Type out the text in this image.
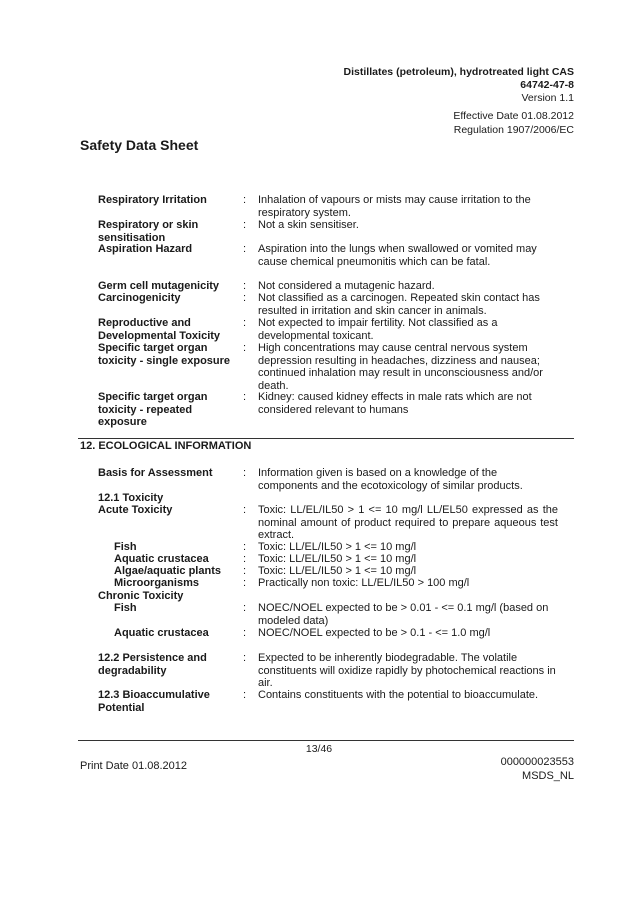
Distillates (petroleum), hydrotreated light CAS
64742-47-8
Version 1.1
Effective Date 01.08.2012
Regulation 1907/2006/EC
Safety Data Sheet
Respiratory Irritation	: Inhalation of vapours or mists may cause irritation to the respiratory system.
Respiratory or skin sensitisation
: Not a skin sensitiser.
Aspiration Hazard	: Aspiration into the lungs when swallowed or vomited may cause chemical pneumonitis which can be fatal.
Germ cell mutagenicity	: Not considered a mutagenic hazard.
Carcinogenicity	: Not classified as a carcinogen. Repeated skin contact has resulted in irritation and skin cancer in animals.
Reproductive and Developmental Toxicity
: Not expected to impair fertility. Not classified as a developmental toxicant.
Specific target organ toxicity - single exposure
: High concentrations may cause central nervous system depression resulting in headaches, dizziness and nausea; continued inhalation may result in unconsciousness and/or death.
Specific target organ toxicity - repeated exposure
: Kidney: caused kidney effects in male rats which are not considered relevant to humans
12. ECOLOGICAL INFORMATION
Basis for Assessment	: Information given is based on a knowledge of the components and the ecotoxicology of similar products.
12.1 Toxicity
Acute Toxicity	: Toxic: LL/EL/IL50 > 1 <= 10 mg/l LL/EL50 expressed as the nominal amount of product required to prepare aqueous test extract.
Fish	: Toxic: LL/EL/IL50 > 1 <= 10 mg/l
Aquatic crustacea	: Toxic: LL/EL/IL50 > 1 <= 10 mg/l
Algae/aquatic plants	: Toxic: LL/EL/IL50 > 1 <= 10 mg/l
Microorganisms	: Practically non toxic: LL/EL/IL50 > 100 mg/l
Chronic Toxicity
Fish	: NOEC/NOEL expected to be > 0.01 - <= 0.1 mg/l (based on modeled data)
Aquatic crustacea	: NOEC/NOEL expected to be > 0.1 - <= 1.0 mg/l
12.2 Persistence and degradability
: Expected to be inherently biodegradable. The volatile constituents will oxidize rapidly by photochemical reactions in air.
12.3 Bioaccumulative Potential
: Contains constituents with the potential to bioaccumulate.
13/46
Print Date 01.08.2012	000000023553
MSDS_NL
